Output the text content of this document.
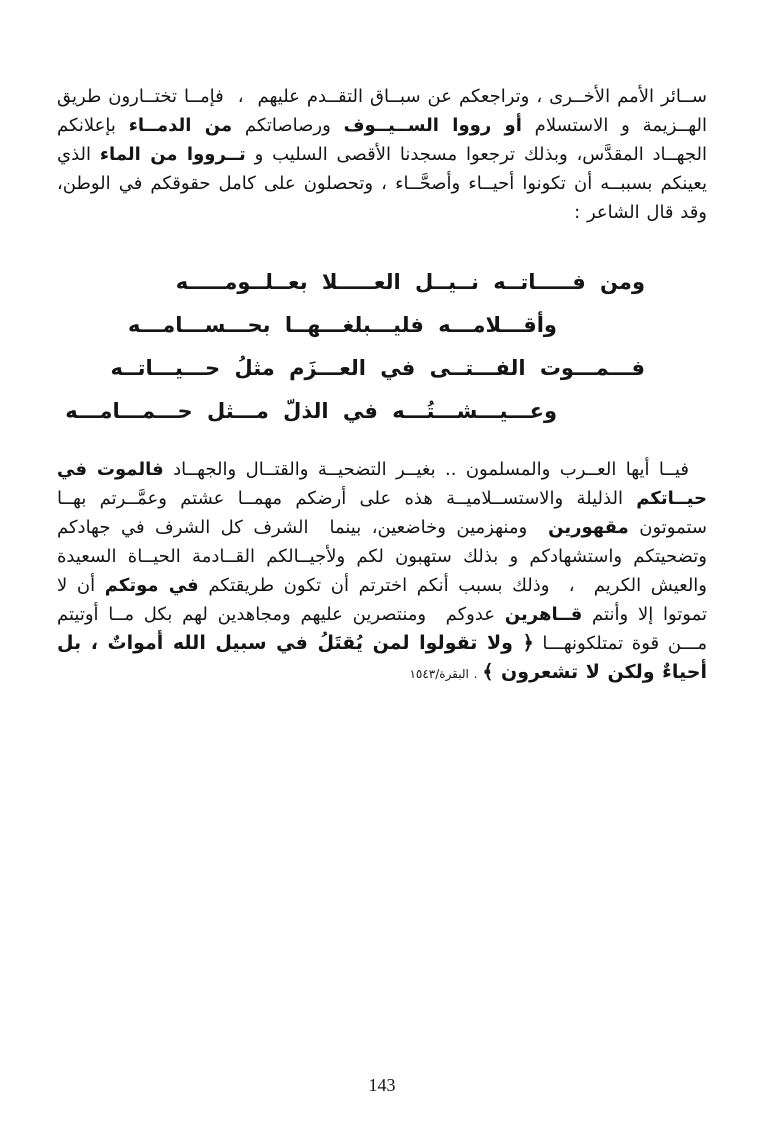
ســائر الأمم الأخــرى ، وتراجعكم عن سبــاق التقــدم عليهم  ،  فإمــا تختــارون طريق الهــزيمة و الاستسلام أو رووا الســيــوف ورصاصاتكم من الدمــاء بإعلانكم الجهــاد المقدَّس، وبذلك ترجعوا مسجدنا الأقصى السليب و تــرووا من الماء الذي يعينكم بسببــه أن تكونوا أحيــاء وأصحَّــاء ، وتحصلون على كامل حقوقكم في الوطن، وقد قال الشاعر :

ومن فـــــاتــه نــيــل العـــــلا بعــلــومـــــه
وأقـــلامـــه فليـــبلغـــهــا بحـــســـامـــه
فـــمـــوت الفـــتــى في العـــزَم مثلُ حـــيـــاتــه
وعـــيـــشـــتُـــه في الذلّ مـــثل حـــمـــامـــه

فيــا أيها العــرب والمسلمون .. بغيــر التضحيــة والقتــال والجهــاد فالموت في حيــاتكم الذليلة والاستســلاميــة هذه على أرضكم مهمــا عشتم وعمَّــرتم بهــا ستموتون مقهورين  ومنهزمين وخاضعين، بينما  الشرف كل الشرف في جهادكم وتضحيتكم واستشهادكم و بذلك ستهبون لكم ولأجيــالكم القــادمة الحيــاة السعيدة والعيش الكريم  ،  وذلك بسبب أنكم اخترتم أن تكون طريقتكم في موتكم أن لا تموتوا إلا وأنتم قــاهرين عدوكم  ومنتصرين عليهم ومجاهدين لهم بكل مــا أوتيتم مـــن قوة تمتلكونهـــا ﴿ ولا تقولوا لمن يُقتَلُ في سبيل الله أمواتٌ ، بل أحياءٌ ولكن لا تشعرون ﴾ . البقرة/١٥٤٣

143
